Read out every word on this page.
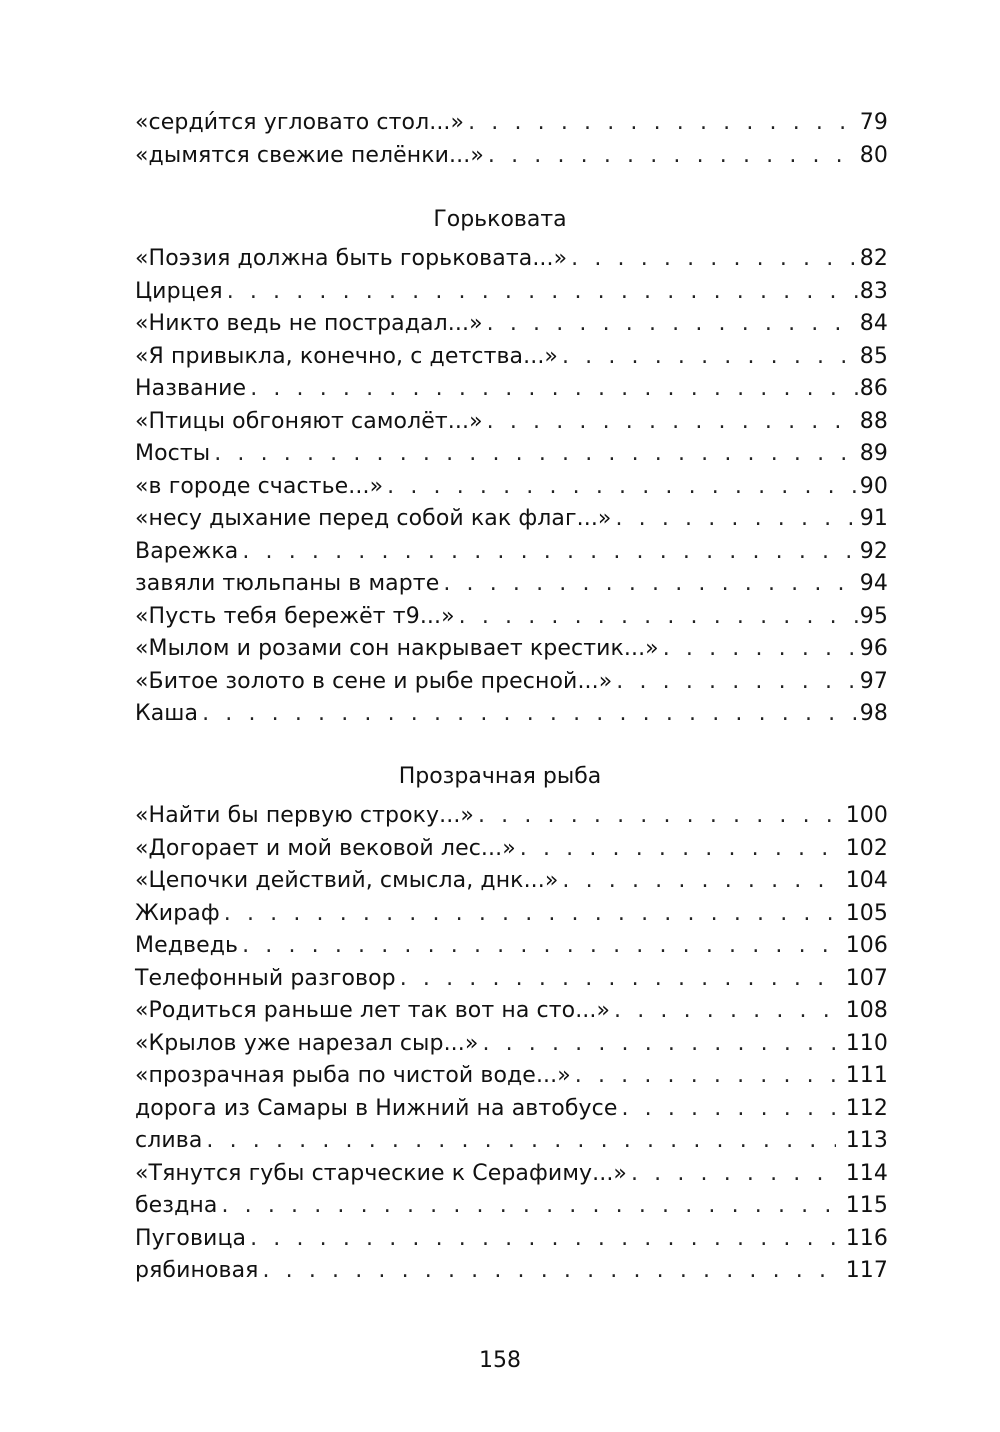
«серди́тся угловато стол...» . . .	79
«дымятся свежие пелёнки...» . . .	80
Горьковата
«Поэзия должна быть горьковата...» . . .	82
Цирцея . . .	83
«Никто ведь не пострадал...» . . .	84
«Я привыкла, конечно, с детства...» . . .	85
Название . . .	86
«Птицы обгоняют самолёт...» . . .	88
Мосты . . .	89
«в городе счастье...» . . .	90
«несу дыхание перед собой как флаг...» . . .	91
Варежка . . .	92
завяли тюльпаны в марте . . .	94
«Пусть тебя бережёт т9...» . . .	95
«Мылом и розами сон накрывает крестик...» . . .	96
«Битое золото в сене и рыбе пресной...» . . .	97
Каша . . .	98
Прозрачная рыба
«Найти бы первую строку...» . . .	100
«Догорает и мой вековой лес...» . . .	102
«Цепочки действий, смысла, днк...» . . .	104
Жираф . . .	105
Медведь . . .	106
Телефонный разговор . . .	107
«Родиться раньше лет так вот на сто...» . . .	108
«Крылов уже нарезал сыр...» . . .	110
«прозрачная рыба по чистой воде...» . . .	111
дорога из Самары в Нижний на автобусе . . .	112
слива . . .	113
«Тянутся губы старческие к Серафиму...» . . .	114
бездна . . .	115
Пуговица . . .	116
рябиновая . . .	117
158
